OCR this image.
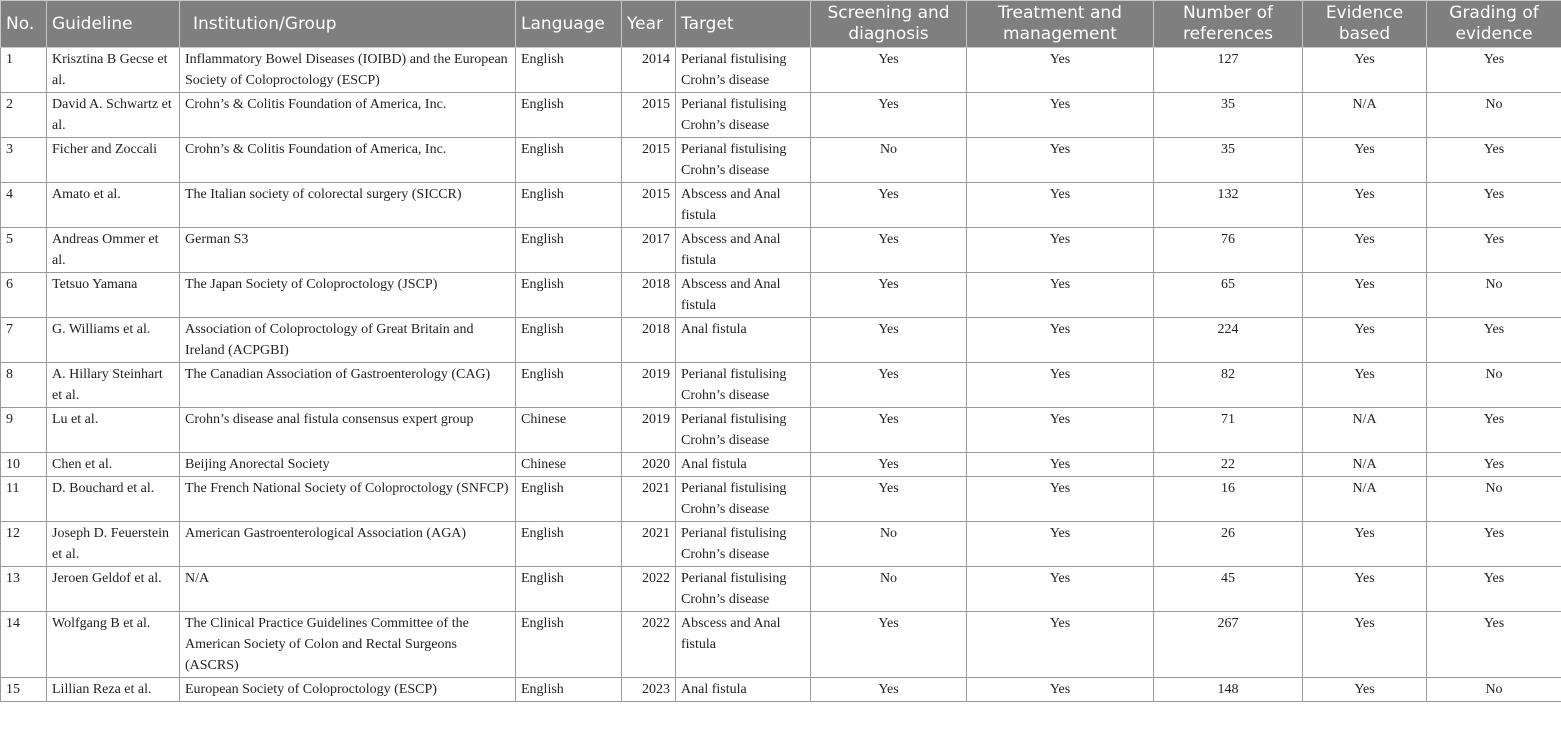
No.	Guideline	Institution/Group	Language	Year	Target	Screening and diagnosis	Treatment and management	Number of references	Evidence based	Grading of evidence
1	Krisztina B Gecse et al.	Inflammatory Bowel Diseases (IOIBD) and the European Society of Coloproctology (ESCP)	English	2014	Perianal fistulising Crohn’s disease	Yes	Yes	127	Yes	Yes
2	David A. Schwartz et al.	Crohn’s & Colitis Foundation of America, Inc.	English	2015	Perianal fistulising Crohn’s disease	Yes	Yes	35	N/A	No
3	Ficher and Zoccali	Crohn’s & Colitis Foundation of America, Inc.	English	2015	Perianal fistulising Crohn’s disease	No	Yes	35	Yes	Yes
4	Amato et al.	The Italian society of colorectal surgery (SICCR)	English	2015	Abscess and Anal fistula	Yes	Yes	132	Yes	Yes
5	Andreas Ommer et al.	German S3	English	2017	Abscess and Anal fistula	Yes	Yes	76	Yes	Yes
6	Tetsuo Yamana	The Japan Society of Coloproctology (JSCP)	English	2018	Abscess and Anal fistula	Yes	Yes	65	Yes	No
7	G. Williams et al.	Association of Coloproctology of Great Britain and Ireland (ACPGBI)	English	2018	Anal fistula	Yes	Yes	224	Yes	Yes
8	A. Hillary Steinhart et al.	The Canadian Association of Gastroenterology (CAG)	English	2019	Perianal fistulising Crohn’s disease	Yes	Yes	82	Yes	No
9	Lu et al.	Crohn’s disease anal fistula consensus expert group	Chinese	2019	Perianal fistulising Crohn’s disease	Yes	Yes	71	N/A	Yes
10	Chen et al.	Beijing Anorectal Society	Chinese	2020	Anal fistula	Yes	Yes	22	N/A	Yes
11	D. Bouchard et al.	The French National Society of Coloproctology (SNFCP)	English	2021	Perianal fistulising Crohn’s disease	Yes	Yes	16	N/A	No
12	Joseph D. Feuerstein et al.	American Gastroenterological Association (AGA)	English	2021	Perianal fistulising Crohn’s disease	No	Yes	26	Yes	Yes
13	Jeroen Geldof et al.	N/A	English	2022	Perianal fistulising Crohn’s disease	No	Yes	45	Yes	Yes
14	Wolfgang B et al.	The Clinical Practice Guidelines Committee of the American Society of Colon and Rectal Surgeons (ASCRS)	English	2022	Abscess and Anal fistula	Yes	Yes	267	Yes	Yes
15	Lillian Reza et al.	European Society of Coloproctology (ESCP)	English	2023	Anal fistula	Yes	Yes	148	Yes	No
